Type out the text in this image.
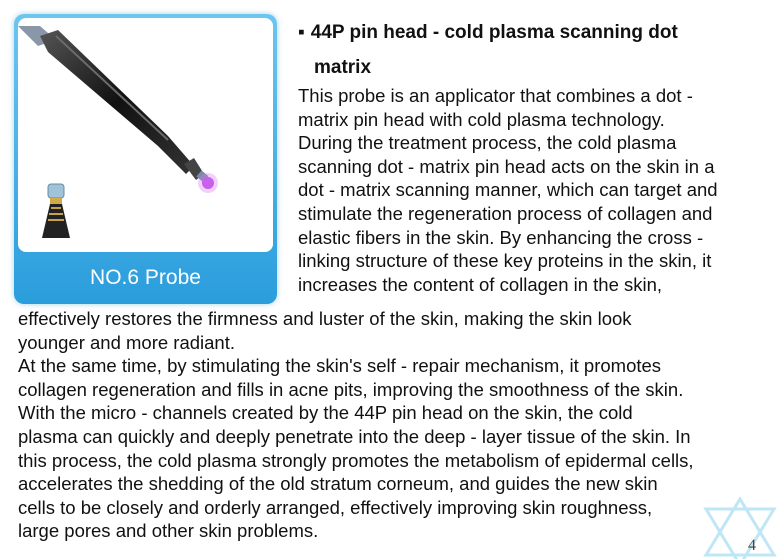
NO.6 Probe
▪ 44P pin head - cold plasma scanning dot
matrix

This probe is an applicator that combines a dot -
matrix pin head with cold plasma technology.
During the treatment process, the cold plasma
scanning dot - matrix pin head acts on the skin in a
dot - matrix scanning manner, which can target and
stimulate the regeneration process of collagen and
elastic fibers in the skin. By enhancing the cross -
linking structure of these key proteins in the skin, it
increases the content of collagen in the skin,

effectively restores the firmness and luster of the skin, making the skin look
younger and more radiant.
At the same time, by stimulating the skin's self - repair mechanism, it promotes
collagen regeneration and fills in acne pits, improving the smoothness of the skin.
With the micro - channels created by the 44P pin head on the skin, the cold
plasma can quickly and deeply penetrate into the deep - layer tissue of the skin. In
this process, the cold plasma strongly promotes the metabolism of epidermal cells,
accelerates the shedding of the old stratum corneum, and guides the new skin
cells to be closely and orderly arranged, effectively improving skin roughness,
large pores and other skin problems.

4
